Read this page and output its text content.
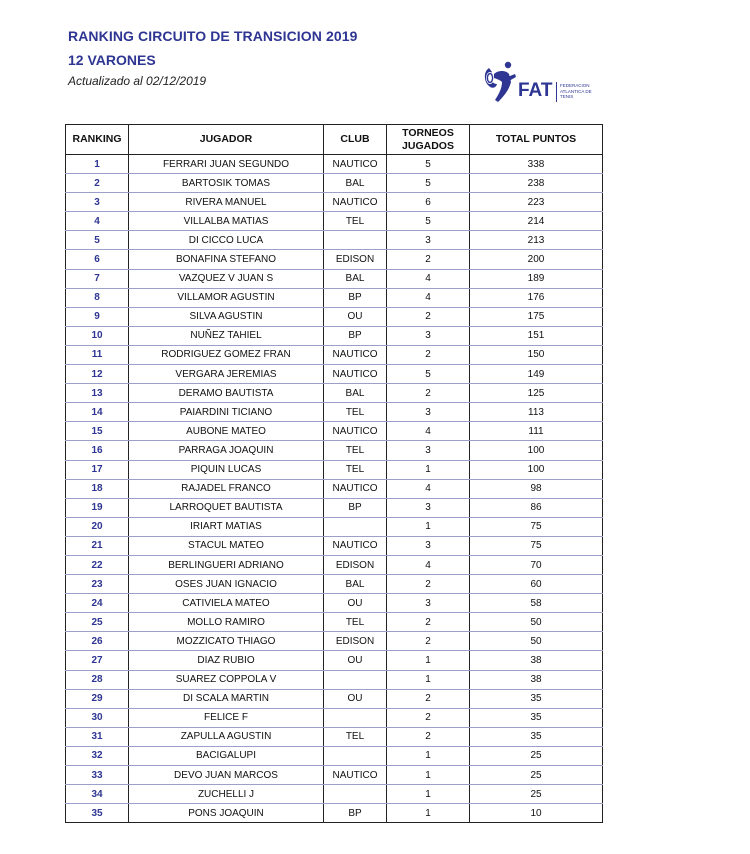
RANKING CIRCUITO DE TRANSICION 2019
12 VARONES
Actualizado al 02/12/2019	FAT FEDERACION ATLANTICA DE TENIS
RANKING	JUGADOR	CLUB	TORNEOS JUGADOS	TOTAL PUNTOS
1	FERRARI JUAN SEGUNDO	NAUTICO	5	338
2	BARTOSIK TOMAS	BAL	5	238
3	RIVERA MANUEL	NAUTICO	6	223
4	VILLALBA MATIAS	TEL	5	214
5	DI CICCO LUCA		3	213
6	BONAFINA STEFANO	EDISON	2	200
7	VAZQUEZ V JUAN S	BAL	4	189
8	VILLAMOR AGUSTIN	BP	4	176
9	SILVA AGUSTIN	OU	2	175
10	NUÑEZ TAHIEL	BP	3	151
11	RODRIGUEZ GOMEZ FRAN	NAUTICO	2	150
12	VERGARA JEREMIAS	NAUTICO	5	149
13	DERAMO BAUTISTA	BAL	2	125
14	PAIARDINI TICIANO	TEL	3	113
15	AUBONE MATEO	NAUTICO	4	111
16	PARRAGA JOAQUIN	TEL	3	100
17	PIQUIN LUCAS	TEL	1	100
18	RAJADEL FRANCO	NAUTICO	4	98
19	LARROQUET BAUTISTA	BP	3	86
20	IRIART MATIAS		1	75
21	STACUL MATEO	NAUTICO	3	75
22	BERLINGUERI ADRIANO	EDISON	4	70
23	OSES JUAN IGNACIO	BAL	2	60
24	CATIVIELA MATEO	OU	3	58
25	MOLLO RAMIRO	TEL	2	50
26	MOZZICATO THIAGO	EDISON	2	50
27	DIAZ RUBIO	OU	1	38
28	SUAREZ COPPOLA V		1	38
29	DI SCALA MARTIN	OU	2	35
30	FELICE F		2	35
31	ZAPULLA AGUSTIN	TEL	2	35
32	BACIGALUPI		1	25
33	DEVO JUAN MARCOS	NAUTICO	1	25
34	ZUCHELLI J		1	25
35	PONS JOAQUIN	BP	1	10
